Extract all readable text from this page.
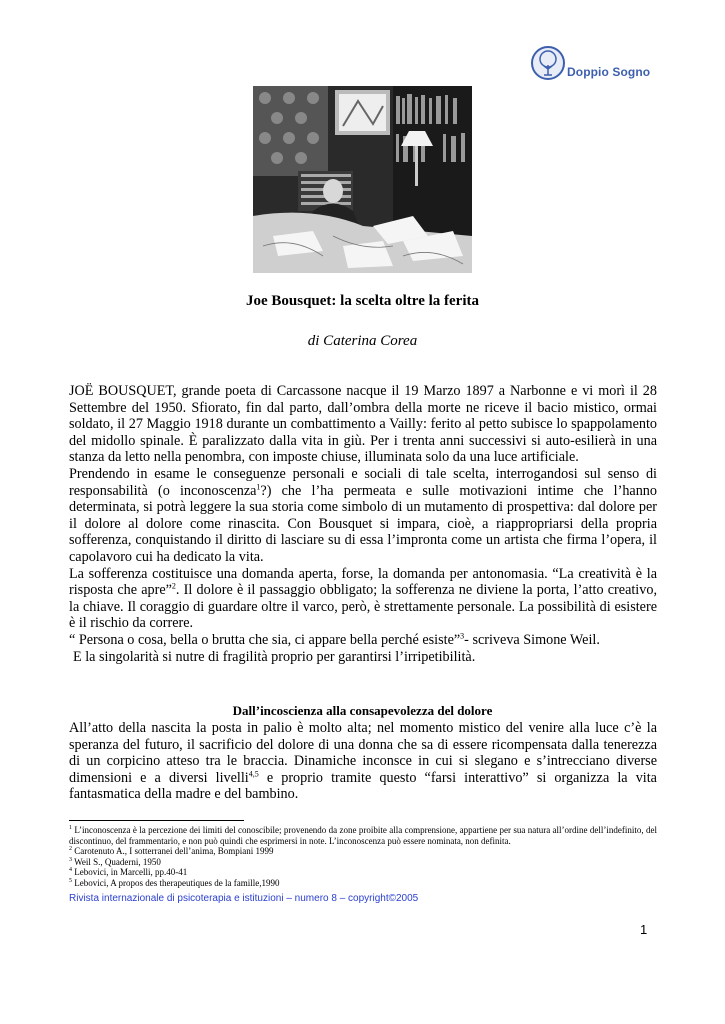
Doppio Sogno
Joe Bousquet: la scelta oltre la ferita
di Caterina Corea

JOË BOUSQUET, grande poeta di Carcassone nacque il 19 Marzo 1897 a Narbonne e vi morì il 28 Settembre del 1950. Sfiorato, fin dal parto, dall’ombra della morte ne riceve il bacio mistico, ormai soldato, il 27 Maggio 1918 durante un combattimento a Vailly: ferito al petto subisce lo spappolamento del midollo spinale. È paralizzato dalla vita in giù. Per i trenta anni successivi si auto-esilierà in una stanza da letto nella penombra, con imposte chiuse, illuminata solo da una luce artificiale.

Prendendo in esame le conseguenze personali e sociali di tale scelta, interrogandosi sul senso di responsabilità (o inconoscenza$^1$?) che l’ha permeata e sulle motivazioni intime che l’hanno determinata, si potrà leggere la sua storia come simbolo di un mutamento di prospettiva: dal dolore per il dolore al dolore come rinascita. Con Bousquet si impara, cioè, a riappropriarsi della propria sofferenza, conquistando il diritto di lasciare su di essa l’impronta come un artista che firma l’opera, il capolavoro cui ha dedicato la vita.

La sofferenza costituisce una domanda aperta, forse, la domanda per antonomasia. “La creatività è la risposta che apre”$^2$. Il dolore è il passaggio obbligato; la sofferenza ne diviene la porta, l’atto creativo, la chiave. Il coraggio di guardare oltre il varco, però, è strettamente personale. La possibilità di esistere è il rischio da correre.

“ Persona o cosa, bella o brutta che sia, ci appare bella perché esiste”$^3$- scriveva Simone Weil.

E la singolarità si nutre di fragilità proprio per garantirsi l’irripetibilità.

Dall’incoscienza alla consapevolezza del dolore
All’atto della nascita la posta in palio è molto alta; nel momento mistico del venire alla luce c’è la speranza del futuro, il sacrificio del dolore di una donna che sa di essere ricompensata dalla tenerezza di un corpicino atteso tra le braccia. Dinamiche inconsce in cui si slegano e s’intrecciano diverse dimensioni e a diversi livelli$^{4,5}$ e proprio tramite questo “farsi interattivo” si organizza la vita fantasmatica della madre e del bambino.

$^1$ L’inconoscenza è la percezione dei limiti del conoscibile; provenendo da zone proibite alla comprensione, appartiene per sua natura all’ordine dell’indefinito, del discontinuo, del frammentario, e non può quindi che esprimersi in note. L’inconoscenza può essere nominata, non definita.

$^2$ Carotenuto A., I sotterranei dell’anima, Bompiani 1999

$^3$ Weil S., Quaderni, 1950

$^4$ Lebovici, in Marcelli, pp.40-41

$^5$ Lebovici, A propos des therapeutiques de la famille,1990

Rivista internazionale di psicoterapia e istituzioni – numero 8 – copyright©2005
1
